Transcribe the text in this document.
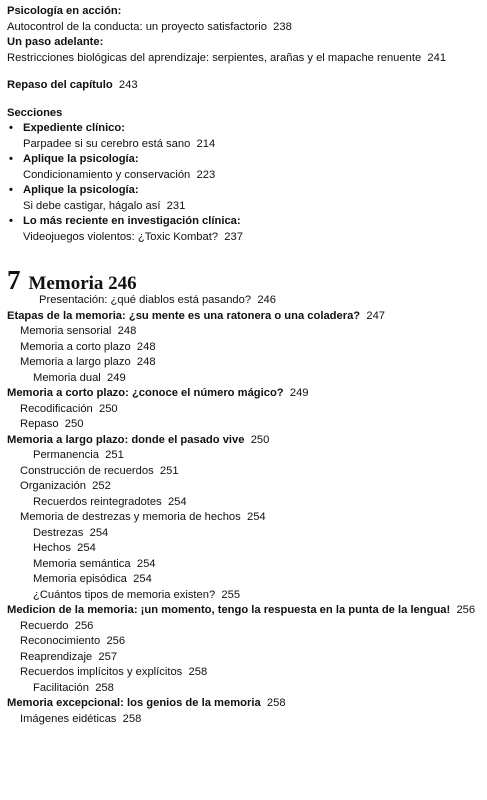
Psicología en acción:
Autocontrol de la conducta: un proyecto satisfactorio 238
Un paso adelante:
Restricciones biológicas del aprendizaje: serpientes, arañas y el mapache renuente 241
Repaso del capítulo 243
Secciones
• Expediente clínico:
Parpadee si su cerebro está sano 214
• Aplique la psicología:
Condicionamiento y conservación 223
• Aplique la psicología:
Si debe castigar, hágalo así 231
• Lo más reciente en investigación clínica:
Videojuegos violentos: ¿Toxic Kombat? 237
7 Memoria 246
Presentación: ¿qué diablos está pasando? 246
Etapas de la memoria: ¿su mente es una ratonera o una coladera? 247
Memoria sensorial 248
Memoria a corto plazo 248
Memoria a largo plazo 248
Memoria dual 249
Memoria a corto plazo: ¿conoce el número mágico? 249
Recodificación 250
Repaso 250
Memoria a largo plazo: donde el pasado vive 250
Permanencia 251
Construcción de recuerdos 251
Organización 252
Recuerdos reintegradotes 254
Memoria de destrezas y memoria de hechos 254
Destrezas 254
Hechos 254
Memoria semántica 254
Memoria episódica 254
¿Cuántos tipos de memoria existen? 255
Medicion de la memoria: ¡un momento, tengo la respuesta en la punta de la lengua! 256
Recuerdo 256
Reconocimiento 256
Reaprendizaje 257
Recuerdos implícitos y explícitos 258
Facilitación 258
Memoria excepcional: los genios de la memoria 258
Imágenes eidéticas 258
